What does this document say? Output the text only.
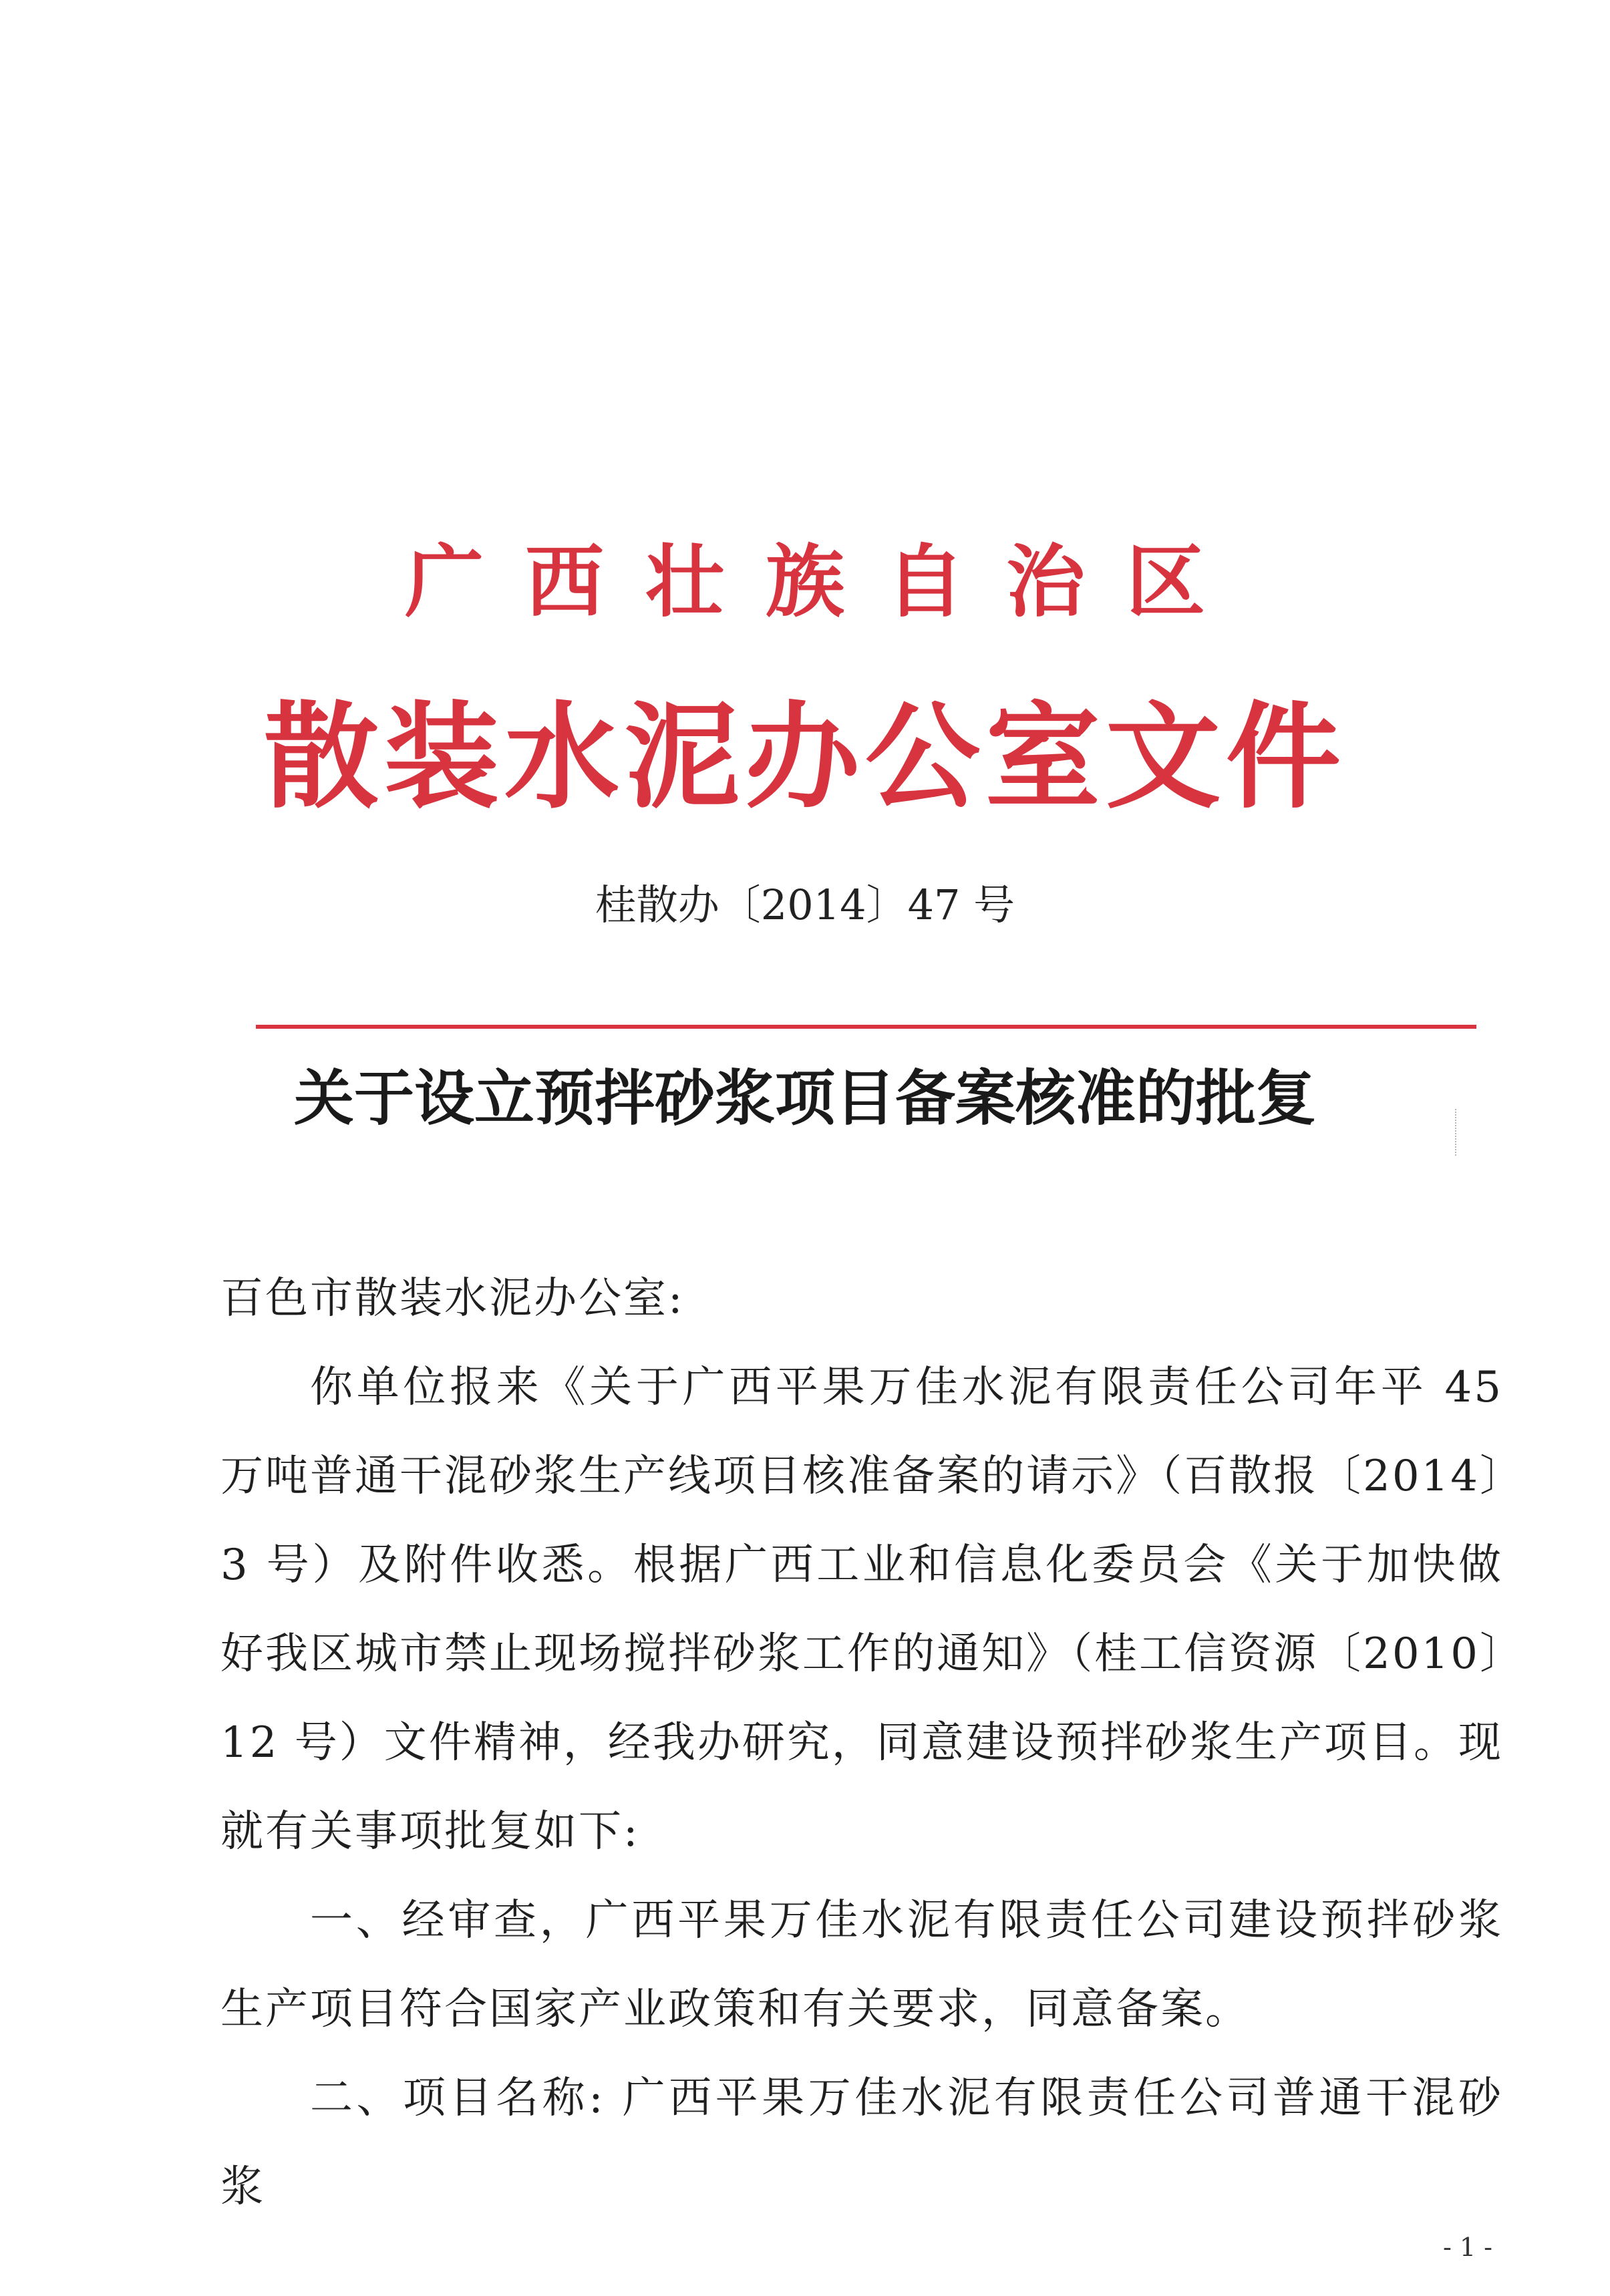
广西壮族自治区
散装水泥办公室文件
桂散办〔2014〕47 号
关于设立预拌砂浆项目备案核准的批复

百色市散装水泥办公室:

你单位报来《关于广西平果万佳水泥有限责任公司年平 45 万吨普通干混砂浆生产线项目核准备案的请示》（百散报〔2014〕3 号）及附件收悉。根据广西工业和信息化委员会《关于加快做好我区城市禁止现场搅拌砂浆工作的通知》（桂工信资源〔2010〕12 号）文件精神，经我办研究，同意建设预拌砂浆生产项目。现就有关事项批复如下:

一、经审查，广西平果万佳水泥有限责任公司建设预拌砂浆生产项目符合国家产业政策和有关要求，同意备案。

二、项目名称: 广西平果万佳水泥有限责任公司普通干混砂浆

- 1 -
